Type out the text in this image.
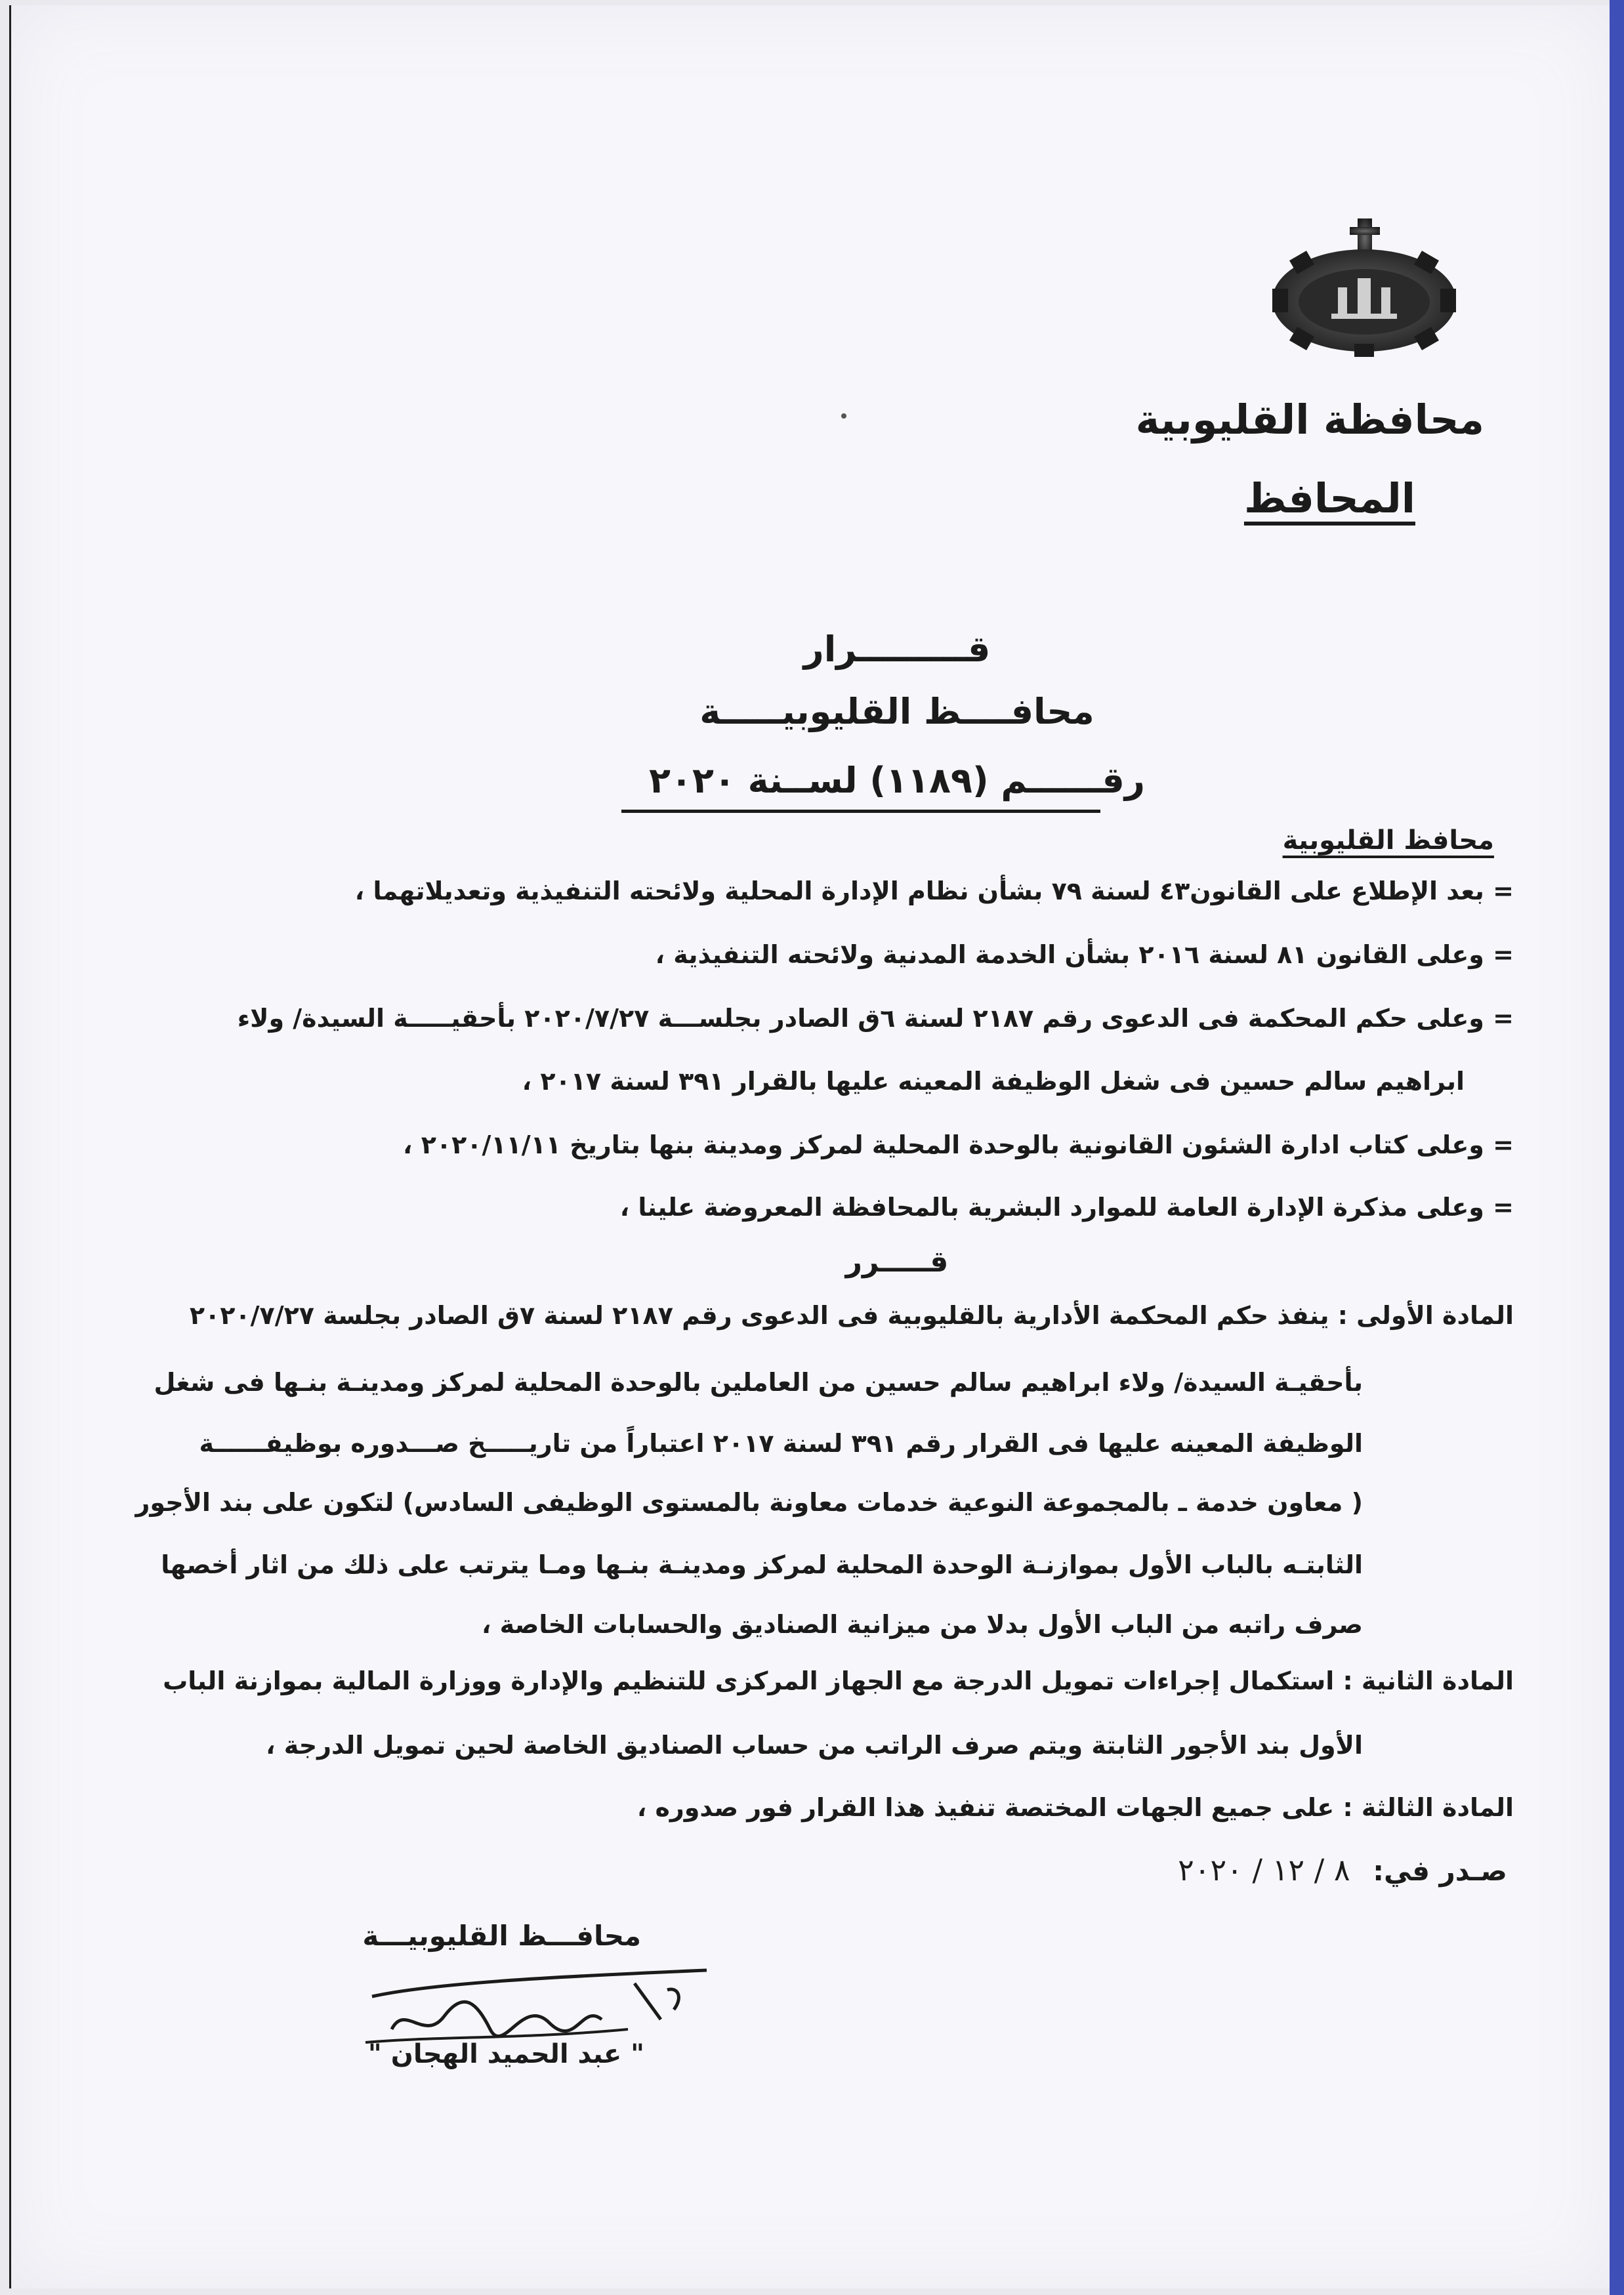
محافظة القليوبية
المحافظ
قـــــــــرار
محافــــظ القليوبيـــــة
رقــــــم (١١٨٩) لســنة ٢٠٢٠
محافظ القليوبية
= بعد الإطلاع على القانون٤٣ لسنة ٧٩ بشأن نظام الإدارة المحلية ولائحته التنفيذية وتعديلاتهما ،
= وعلى القانون ٨١ لسنة ٢٠١٦ بشأن الخدمة المدنية ولائحته التنفيذية ،
= وعلى حكم المحكمة فى الدعوى رقم ٢١٨٧ لسنة ٦ق الصادر بجلســـة ٢٠٢٠/٧/٢٧ بأحقيـــــة السيدة/ ولاء
ابراهيم سالم حسين فى شغل الوظيفة المعينه عليها بالقرار ٣٩١ لسنة ٢٠١٧ ،
= وعلى كتاب ادارة الشئون القانونية بالوحدة المحلية لمركز ومدينة بنها بتاريخ ٢٠٢٠/١١/١١ ،
= وعلى مذكرة الإدارة العامة للموارد البشرية بالمحافظة المعروضة علينا ،
قـــــرر
المادة الأولى : ينفذ حكم المحكمة الأدارية بالقليوبية فى الدعوى رقم ٢١٨٧ لسنة ٧ق الصادر بجلسة ٢٠٢٠/٧/٢٧
بأحقيـة السيدة/ ولاء ابراهيم سالم حسين من العاملين بالوحدة المحلية لمركز ومدينـة بنـها فى شغل
الوظيفة المعينه عليها فى القرار رقم ٣٩١ لسنة ٢٠١٧ اعتباراً من تاريـــــخ صـــدوره بوظيفــــــة
( معاون خدمة ـ بالمجموعة النوعية خدمات معاونة بالمستوى الوظيفى السادس) لتكون على بند الأجور
الثابتـه بالباب الأول بموازنـة الوحدة المحلية لمركز ومدينـة بنـها ومـا يترتب على ذلك من اثار أخصها
صرف راتبه من الباب الأول بدلا من ميزانية الصناديق والحسابات الخاصة ،
المادة الثانية : استكمال إجراءات تمويل الدرجة مع الجهاز المركزى للتنظيم والإدارة ووزارة المالية بموازنة الباب
الأول بند الأجور الثابتة ويتم صرف الراتب من حساب الصناديق الخاصة لحين تمويل الدرجة ،
المادة الثالثة : على جميع الجهات المختصة تنفيذ هذا القرار فور صدوره ،
صـدر في: ٨ / ١٢ / ٢٠٢٠
محافـــظ القليوبيـــة
" عبد الحميد الهجان "
